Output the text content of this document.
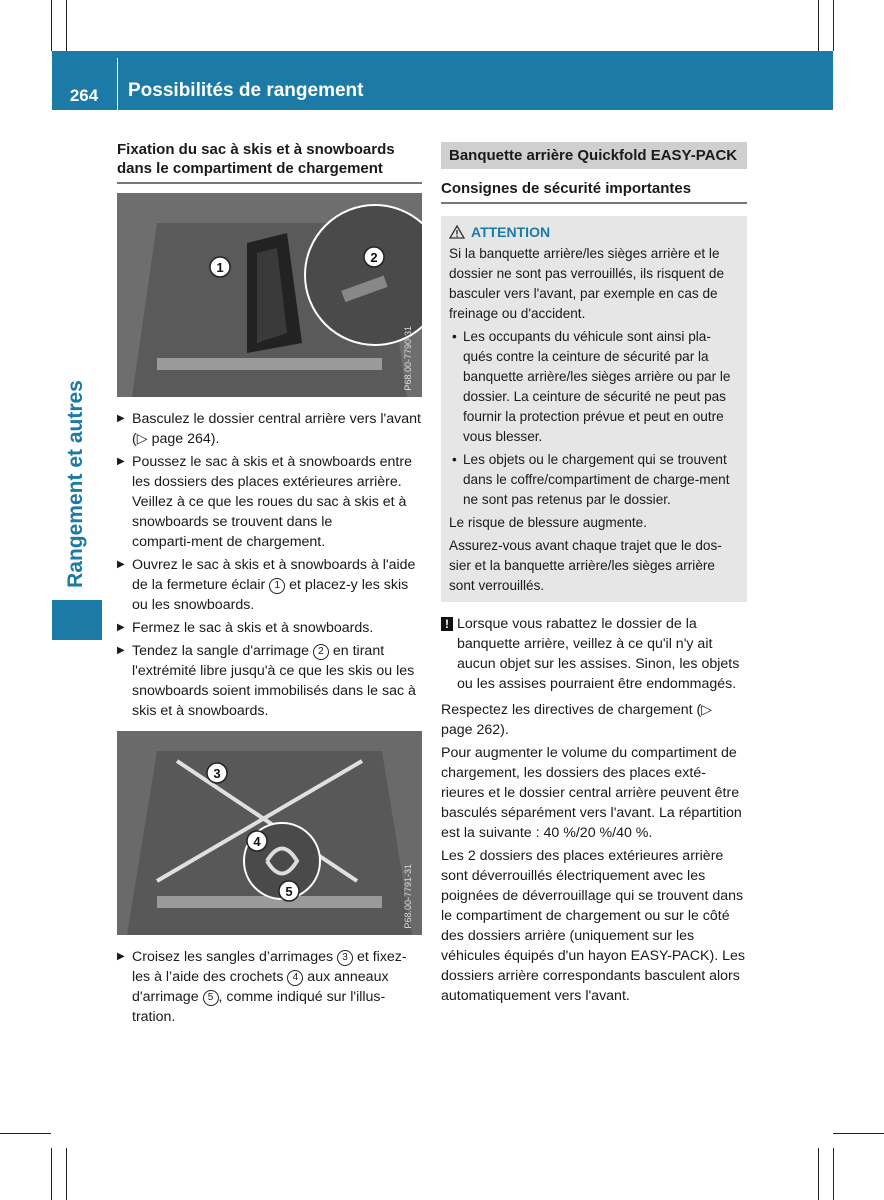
264	Possibilités de rangement
Rangement et autres
Fixation du sac à skis et à snowboards dans le compartiment de chargement
1
2
P68.00-7790-31
▶ Basculez le dossier central arrière vers l'avant (▷ page 264).
▶ Poussez le sac à skis et à snowboards entre les dossiers des places extérieures arrière. Veillez à ce que les roues du sac à skis et à snowboards se trouvent dans le comparti‑ment de chargement.
▶ Ouvrez le sac à skis et à snowboards à l'aide de la fermeture éclair 1 et placez-y les skis ou les snowboards.
▶ Fermez le sac à skis et à snowboards.
▶ Tendez la sangle d'arrimage 2 en tirant l'extrémité libre jusqu'à ce que les skis ou les snowboards soient immobilisés dans le sac à skis et à snowboards.
3
4
5	P68.00-7791-31
▶ Croisez les sangles d’arrimages 3 et fixez-les à l’aide des crochets 4 aux anneaux d'arrimage 5 , comme indiqué sur l'illus-tration.
Banquette arrière Quickfold EASY-PACK
Consignes de sécurité importantes
ATTENTION

Si la banquette arrière/les sièges arrière et le dossier ne sont pas verrouillés, ils risquent de basculer vers l'avant, par exemple en cas de freinage ou d'accident.

• Les occupants du véhicule sont ainsi pla-qués contre la ceinture de sécurité par la banquette arrière/les sièges arrière ou par le dossier. La ceinture de sécurité ne peut pas fournir la protection prévue et peut en outre vous blesser.

• Les objets ou le chargement qui se trouvent dans le coffre/compartiment de charge-ment ne sont pas retenus par le dossier.

Le risque de blessure augmente.

Assurez-vous avant chaque trajet que le dos-sier et la banquette arrière/les sièges arrière sont verrouillés.

! Lorsque vous rabattez le dossier de la banquette arrière, veillez à ce qu'il n'y ait aucun objet sur les assises. Sinon, les objets ou les assises pourraient être endommagés.

Respectez les directives de chargement (▷ page 262).

Pour augmenter le volume du compartiment de chargement, les dossiers des places exté-rieures et le dossier central arrière peuvent être basculés séparément vers l'avant. La répartition est la suivante : 40 %/20 %/40 %.

Les 2 dossiers des places extérieures arrière sont déverrouillés électriquement avec les poignées de déverrouillage qui se trouvent dans le compartiment de chargement ou sur le côté des dossiers arrière (uniquement sur les véhicules équipés d'un hayon EASY-PACK). Les dossiers arrière correspondants basculent alors automatiquement vers l'avant.
